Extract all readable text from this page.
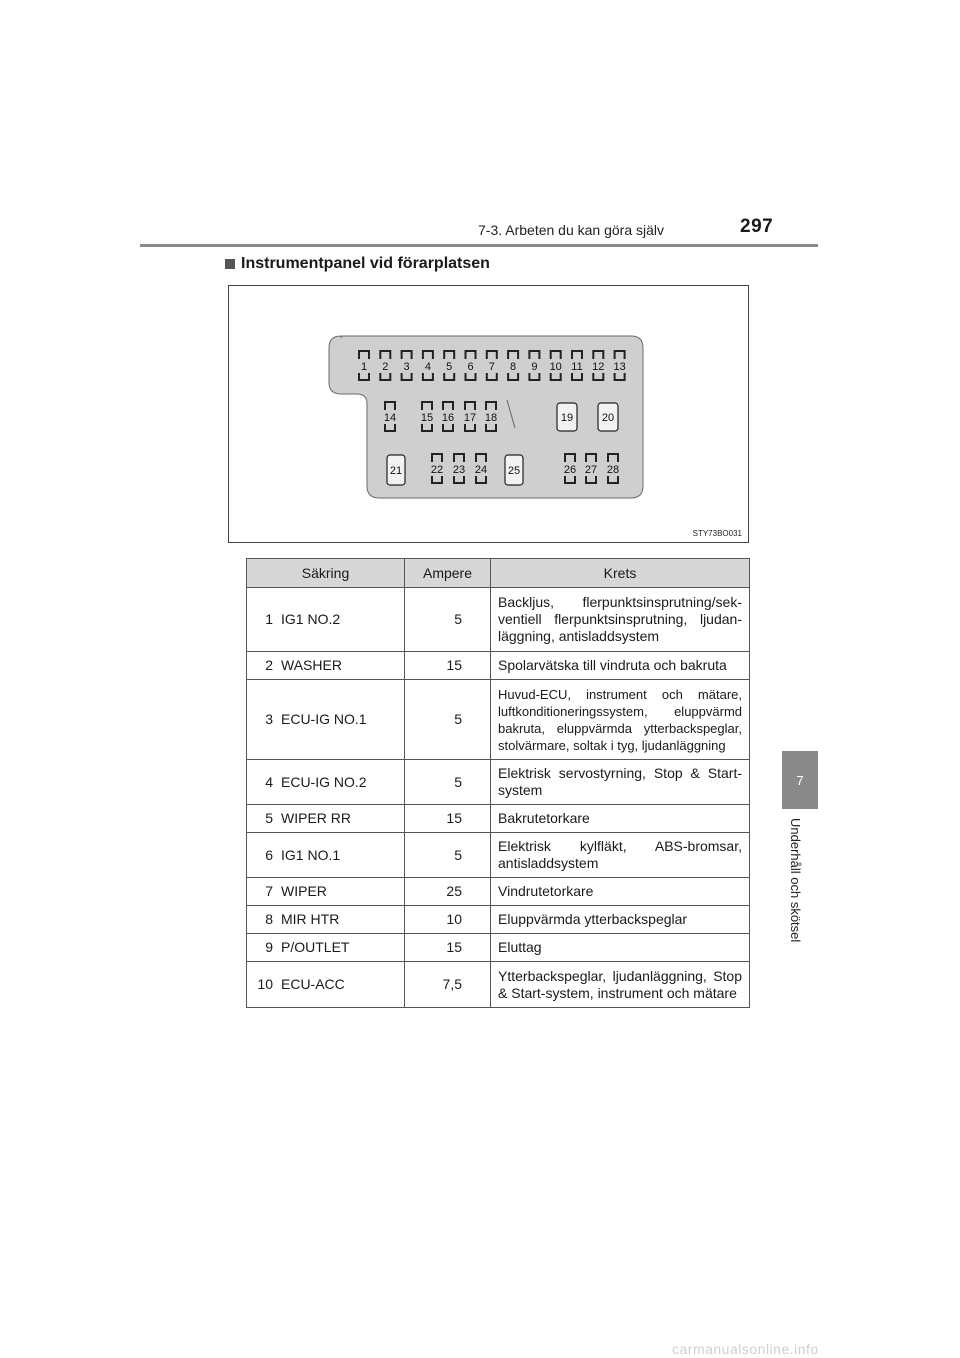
7-3. Arbeten du kan göra själv	297
7
Underhåll och skötsel
Instrumentpanel vid förarplatsen
1 2 3 4 5 6 7 8 9 10 11 12 13
14 15 16 17 18	19	20
21	22 23 24 25	26 27 28
STY73BO031
Säkring		Ampere	Krets
1	IG1 NO.2	5	Backljus, flerpunktsinsprutning/sek-ventiell flerpunktsinsprutning, ljudan-läggning, antisladdsystem
2	WASHER	15	Spolarvätska till vindruta och bakruta
3	ECU-IG NO.1	5	Huvud-ECU, instrument och mätare, luftkonditioneringssystem, eluppvärmd bakruta, eluppvärmda ytterbackspeglar, stolvärmare, soltak i tyg, ljudanläggning
4	ECU-IG NO.2	5	Elektrisk servostyrning, Stop & Start-system
5	WIPER RR	15	Bakrutetorkare
6	IG1 NO.1	5	Elektrisk kylfläkt, ABS-bromsar, antisladdsystem
7	WIPER	25	Vindrutetorkare
8	MIR HTR	10	Eluppvärmda ytterbackspeglar
9	P/OUTLET	15	Eluttag
10	ECU-ACC	7,5	Ytterbackspeglar, ljudanläggning, Stop & Start-system, instrument och mätare
carmanualsonline.info
